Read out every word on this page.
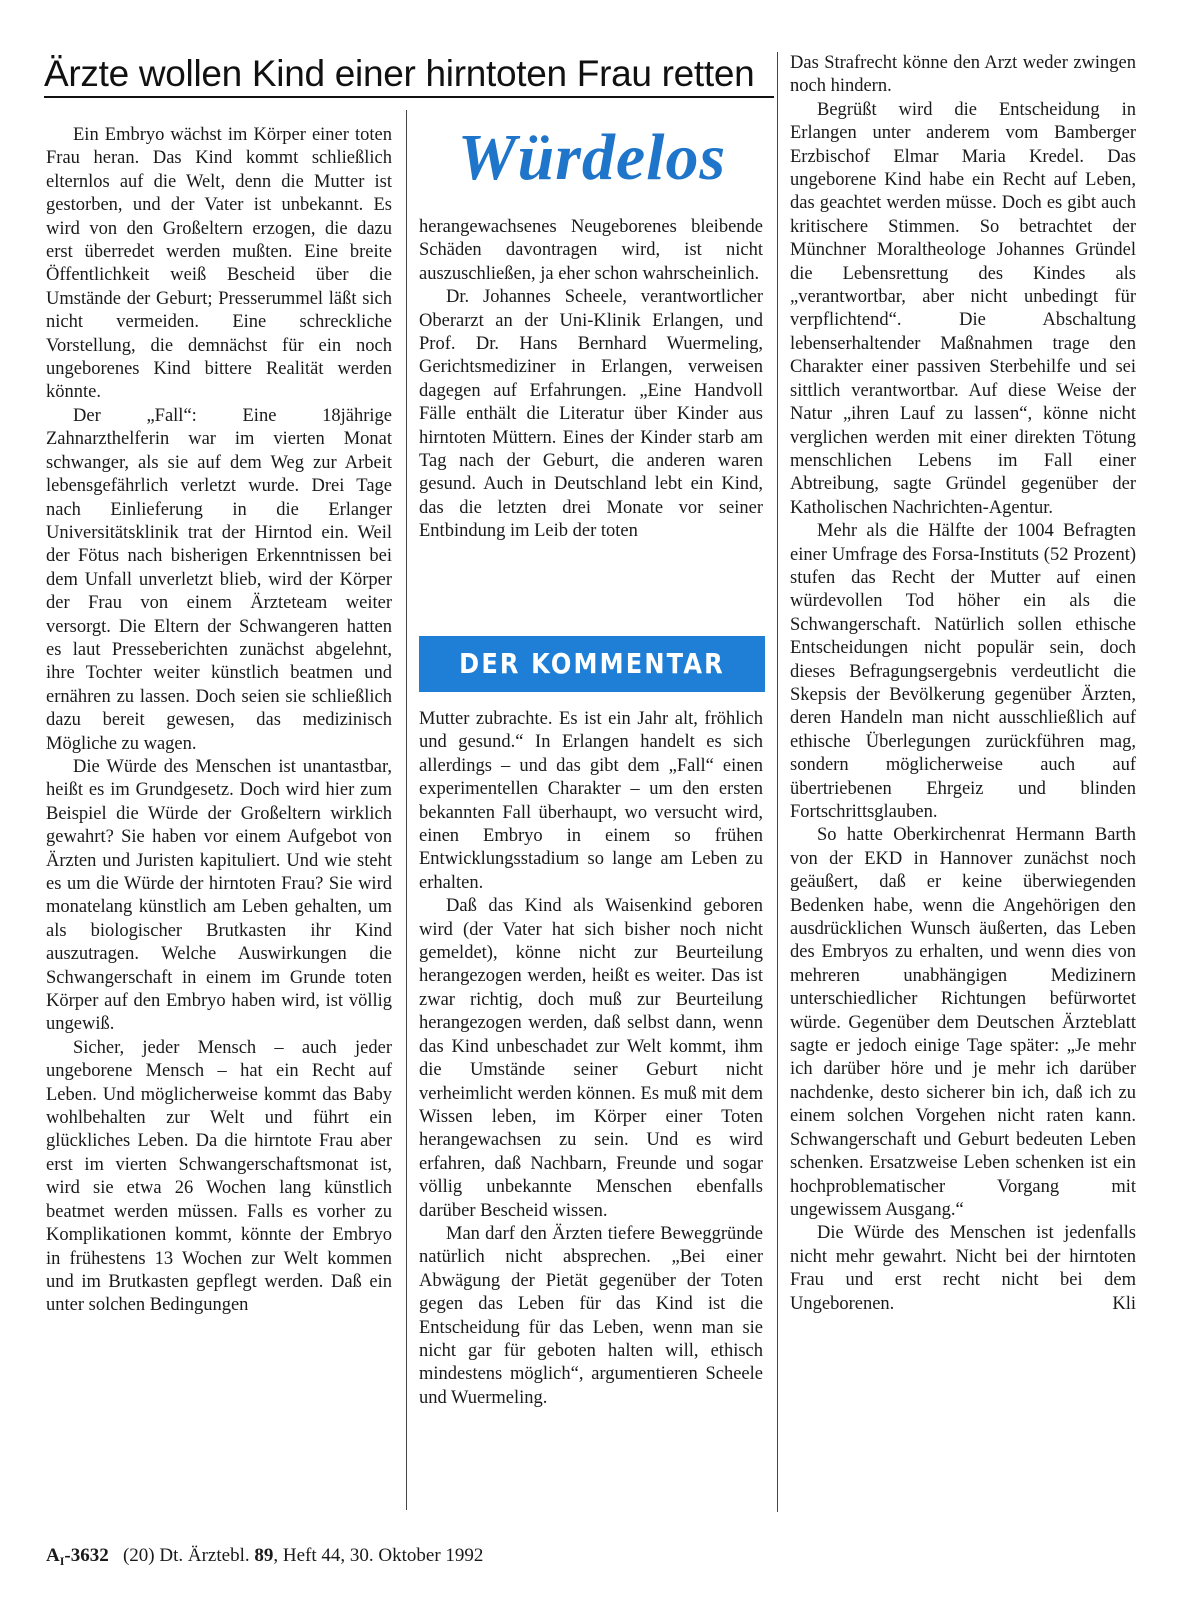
Ärzte wollen Kind einer hirntoten Frau retten

Ein Embryo wächst im Körper einer toten Frau heran. Das Kind kommt schließlich elternlos auf die Welt, denn die Mutter ist gestorben, und der Vater ist unbekannt. Es wird von den Großeltern erzogen, die dazu erst überredet werden mußten. Eine breite Öffentlichkeit weiß Bescheid über die Umstände der Geburt; Presserummel läßt sich nicht vermeiden. Eine schreckliche Vorstellung, die demnächst für ein noch ungeborenes Kind bittere Realität werden könnte.

Der „Fall“: Eine 18jährige Zahnarzthelferin war im vierten Monat schwanger, als sie auf dem Weg zur Arbeit lebensgefährlich verletzt wurde. Drei Tage nach Einlieferung in die Erlanger Universitätsklinik trat der Hirntod ein. Weil der Fötus nach bisherigen Erkenntnissen bei dem Unfall unverletzt blieb, wird der Körper der Frau von einem Ärzteteam weiter versorgt. Die Eltern der Schwangeren hatten es laut Presseberichten zunächst abgelehnt, ihre Tochter weiter künstlich beatmen und ernähren zu lassen. Doch seien sie schließlich dazu bereit gewesen, das medizinisch Mögliche zu wagen.

Die Würde des Menschen ist unantastbar, heißt es im Grundgesetz. Doch wird hier zum Beispiel die Würde der Großeltern wirklich gewahrt? Sie haben vor einem Aufgebot von Ärzten und Juristen kapituliert. Und wie steht es um die Würde der hirntoten Frau? Sie wird monatelang künstlich am Leben gehalten, um als biologischer Brutkasten ihr Kind auszutragen. Welche Auswirkungen die Schwangerschaft in einem im Grunde toten Körper auf den Embryo haben wird, ist völlig ungewiß.

Sicher, jeder Mensch – auch jeder ungeborene Mensch – hat ein Recht auf Leben. Und möglicherweise kommt das Baby wohlbehalten zur Welt und führt ein glückliches Leben. Da die hirntote Frau aber erst im vierten Schwangerschaftsmonat ist, wird sie etwa 26 Wochen lang künstlich beatmet werden müssen. Falls es vorher zu Komplikationen kommt, könnte der Embryo in frühestens 13 Wochen zur Welt kommen und im Brutkasten gepflegt werden. Daß ein unter solchen Bedingungen

Würdelos

herangewachsenes Neugeborenes bleibende Schäden davontragen wird, ist nicht auszuschließen, ja eher schon wahrscheinlich.

Dr. Johannes Scheele, verantwortlicher Oberarzt an der Uni-Klinik Erlangen, und Prof. Dr. Hans Bernhard Wuermeling, Gerichtsmediziner in Erlangen, verweisen dagegen auf Erfahrungen. „Eine Handvoll Fälle enthält die Literatur über Kinder aus hirntoten Müttern. Eines der Kinder starb am Tag nach der Geburt, die anderen waren gesund. Auch in Deutschland lebt ein Kind, das die letzten drei Monate vor seiner Entbindung im Leib der toten

DER KOMMENTAR

Mutter zubrachte. Es ist ein Jahr alt, fröhlich und gesund.“ In Erlangen handelt es sich allerdings – und das gibt dem „Fall“ einen experimentellen Charakter – um den ersten bekannten Fall überhaupt, wo versucht wird, einen Embryo in einem so frühen Entwicklungsstadium so lange am Leben zu erhalten.

Daß das Kind als Waisenkind geboren wird (der Vater hat sich bisher noch nicht gemeldet), könne nicht zur Beurteilung herangezogen werden, heißt es weiter. Das ist zwar richtig, doch muß zur Beurteilung herangezogen werden, daß selbst dann, wenn das Kind unbeschadet zur Welt kommt, ihm die Umstände seiner Geburt nicht verheimlicht werden können. Es muß mit dem Wissen leben, im Körper einer Toten herangewachsen zu sein. Und es wird erfahren, daß Nachbarn, Freunde und sogar völlig unbekannte Menschen ebenfalls darüber Bescheid wissen.

Man darf den Ärzten tiefere Beweggründe natürlich nicht absprechen. „Bei einer Abwägung der Pietät gegenüber der Toten gegen das Leben für das Kind ist die Entscheidung für das Leben, wenn man sie nicht gar für geboten halten will, ethisch mindestens möglich“, argumentieren Scheele und Wuermeling.

Das Strafrecht könne den Arzt weder zwingen noch hindern.

Begrüßt wird die Entscheidung in Erlangen unter anderem vom Bamberger Erzbischof Elmar Maria Kredel. Das ungeborene Kind habe ein Recht auf Leben, das geachtet werden müsse. Doch es gibt auch kritischere Stimmen. So betrachtet der Münchner Moraltheologe Johannes Gründel die Lebensrettung des Kindes als „verantwortbar, aber nicht unbedingt für verpflichtend“. Die Abschaltung lebenserhaltender Maßnahmen trage den Charakter einer passiven Sterbehilfe und sei sittlich verantwortbar. Auf diese Weise der Natur „ihren Lauf zu lassen“, könne nicht verglichen werden mit einer direkten Tötung menschlichen Lebens im Fall einer Abtreibung, sagte Gründel gegenüber der Katholischen Nachrichten-Agentur.

Mehr als die Hälfte der 1004 Befragten einer Umfrage des Forsa-Instituts (52 Prozent) stufen das Recht der Mutter auf einen würdevollen Tod höher ein als die Schwangerschaft. Natürlich sollen ethische Entscheidungen nicht populär sein, doch dieses Befragungsergebnis verdeutlicht die Skepsis der Bevölkerung gegenüber Ärzten, deren Handeln man nicht ausschließlich auf ethische Überlegungen zurückführen mag, sondern möglicherweise auch auf übertriebenen Ehrgeiz und blinden Fortschrittsglauben.

So hatte Oberkirchenrat Hermann Barth von der EKD in Hannover zunächst noch geäußert, daß er keine überwiegenden Bedenken habe, wenn die Angehörigen den ausdrücklichen Wunsch äußerten, das Leben des Embryos zu erhalten, und wenn dies von mehreren unabhängigen Medizinern unterschiedlicher Richtungen befürwortet würde. Gegenüber dem Deutschen Ärzteblatt sagte er jedoch einige Tage später: „Je mehr ich darüber höre und je mehr ich darüber nachdenke, desto sicherer bin ich, daß ich zu einem solchen Vorgehen nicht raten kann. Schwangerschaft und Geburt bedeuten Leben schenken. Ersatzweise Leben schenken ist ein hochproblematischer Vorgang mit ungewissem Ausgang.“

Die Würde des Menschen ist jedenfalls nicht mehr gewahrt. Nicht bei der hirntoten Frau und erst recht nicht bei dem Ungeborenen. Kli

$A_I-3632$ (20) Dt. Ärztebl. 89, Heft 44, 30. Oktober 1992
